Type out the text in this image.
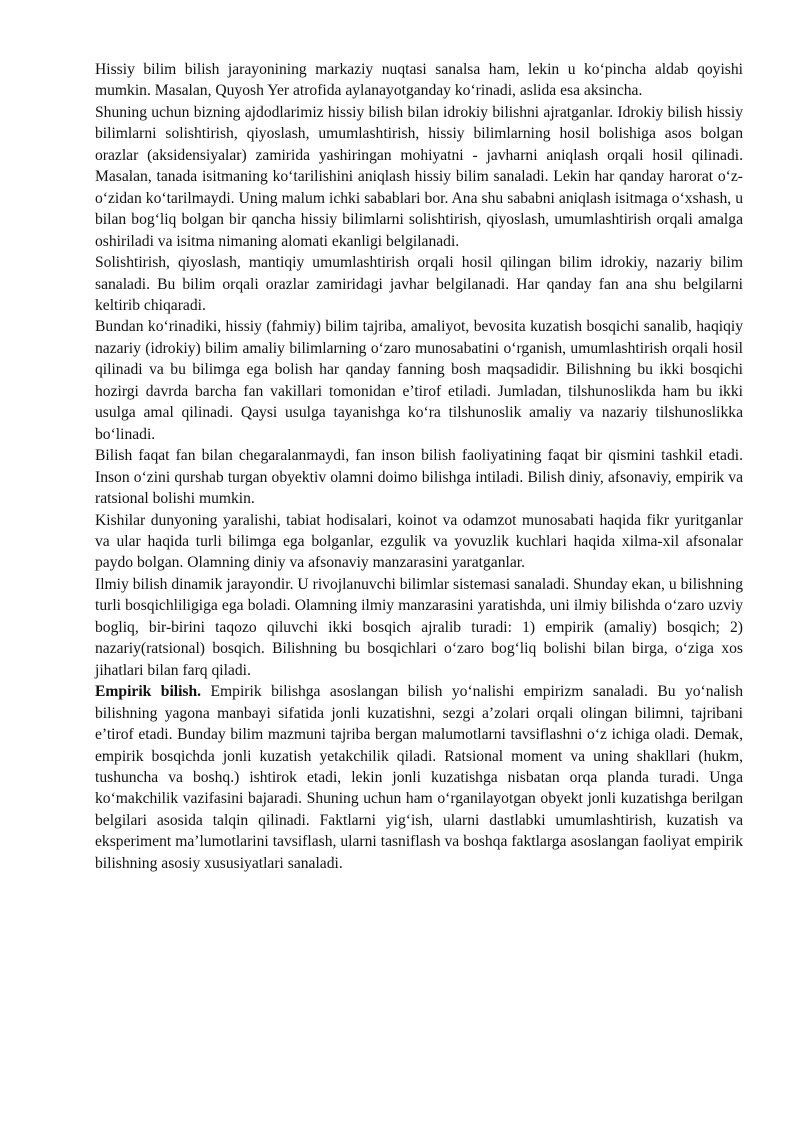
Hissiy bilim bilish jarayonining markaziy nuqtasi sanalsa ham, lekin u ko‘pincha aldab qoyishi mumkin. Masalan, Quyosh Yer atrofida aylanayotganday ko‘rinadi, aslida esa aksincha.

Shuning uchun bizning ajdodlarimiz hissiy bilish bilan idrokiy bilishni ajratganlar. Idrokiy bilish hissiy bilimlarni solishtirish, qiyoslash, umumlashtirish, hissiy bilimlarning hosil bolishiga asos bolgan orazlar (aksidensiyalar) zamirida yashiringan mohiyatni - javharni aniqlash orqali hosil qilinadi. Masalan, tanada isitmaning ko‘tarilishini aniqlash hissiy bilim sanaladi. Lekin har qanday harorat o‘z-o‘zidan ko‘tarilmaydi. Uning malum ichki sabablari bor. Ana shu sababni aniqlash isitmaga o‘xshash, u bilan bog‘liq bolgan bir qancha hissiy bilimlarni solishtirish, qiyoslash, umumlashtirish orqali amalga oshiriladi va isitma nimaning alomati ekanligi belgilanadi.

Solishtirish, qiyoslash, mantiqiy umumlashtirish orqali hosil qilingan bilim idrokiy, nazariy bilim sanaladi. Bu bilim orqali orazlar zamiridagi javhar belgilanadi. Har qanday fan ana shu belgilarni keltirib chiqaradi.

Bundan ko‘rinadiki, hissiy (fahmiy) bilim tajriba, amaliyot, bevosita kuzatish bosqichi sanalib, haqiqiy nazariy (idrokiy) bilim amaliy bilimlarning o‘zaro munosabatini o‘rganish, umumlashtirish orqali hosil qilinadi va bu bilimga ega bolish har qanday fanning bosh maqsadidir. Bilishning bu ikki bosqichi hozirgi davrda barcha fan vakillari tomonidan e’tirof etiladi. Jumladan, tilshunoslikda ham bu ikki usulga amal qilinadi. Qaysi usulga tayanishga ko‘ra tilshunoslik amaliy va nazariy tilshunoslikka bo‘linadi.

Bilish faqat fan bilan chegaralanmaydi, fan inson bilish faoliyatining faqat bir qismini tashkil etadi. Inson o‘zini qurshab turgan obyektiv olamni doimo bilishga intiladi. Bilish diniy, afsonaviy, empirik va ratsional bolishi mumkin.

Kishilar dunyoning yaralishi, tabiat hodisalari, koinot va odamzot munosabati haqida fikr yuritganlar va ular haqida turli bilimga ega bolganlar, ezgulik va yovuzlik kuchlari haqida xilma-xil afsonalar paydo bolgan. Olamning diniy va afsonaviy manzarasini yaratganlar.

Ilmiy bilish dinamik jarayondir. U rivojlanuvchi bilimlar sistemasi sanaladi. Shunday ekan, u bilishning turli bosqichliligiga ega boladi. Olamning ilmiy manzarasini yaratishda, uni ilmiy bilishda o‘zaro uzviy bogliq, bir-birini taqozo qiluvchi ikki bosqich ajralib turadi: 1) empirik (amaliy) bosqich; 2) nazariy(ratsional) bosqich. Bilishning bu bosqichlari o‘zaro bog‘liq bolishi bilan birga, o‘ziga xos jihatlari bilan farq qiladi.

Empirik bilish. Empirik bilishga asoslangan bilish yo‘nalishi empirizm sanaladi. Bu yo‘nalish bilishning yagona manbayi sifatida jonli kuzatishni, sezgi a’zolari orqali olingan bilimni, tajribani e’tirof etadi. Bunday bilim mazmuni tajriba bergan malumotlarni tavsiflashni o‘z ichiga oladi. Demak, empirik bosqichda jonli kuzatish yetakchilik qiladi. Ratsional moment va uning shakllari (hukm, tushuncha va boshq.) ishtirok etadi, lekin jonli kuzatishga nisbatan orqa planda turadi. Unga ko‘makchilik vazifasini bajaradi. Shuning uchun ham o‘rganilayotgan obyekt jonli kuzatishga berilgan belgilari asosida talqin qilinadi. Faktlarni yig‘ish, ularni dastlabki umumlashtirish, kuzatish va eksperiment ma’lumotlarini tavsiflash, ularni tasniflash va boshqa faktlarga asoslangan faoliyat empirik bilishning asosiy xususiyatlari sanaladi.
